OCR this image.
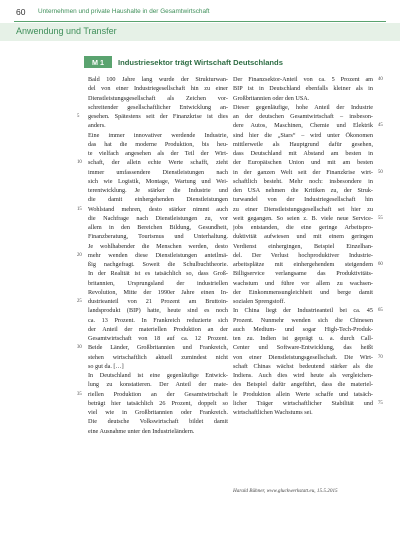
60 Unternehmen und private Haushalte in der Gesamtwirtschaft
Anwendung und Transfer
M 1	Industriesektor trägt Wirtschaft Deutschlands
Bald 100 Jahre lang wurde der Strukturwan-
del von einer Industriegesellschaft hin zu einer
Dienstleistungsgesellschaft als Zeichen vor-
schreitender gesellschaftlicher Entwicklung an-
gesehen. Spätestens seit der Finanzkrise ist dies
anders.
Eine immer innovativer werdende Industrie,
das hat die moderne Produktion, bis heu-
te vielfach angesehen als der Teil der Wirt-
schaft, der allein echte Werte schafft, zieht
immer umfassendere Dienstleistungen nach
sich wie Logistik, Montage, Wartung und Wei-
terentwicklung. Je stärker die Industrie und
die damit einhergehenden Dienstleistungen
Wohlstand mehren, desto stärker nimmt auch
die Nachfrage nach Dienstleistungen zu, vor
allem in den Bereichen Bildung, Gesundheit,
Finanzberatung, Tourismus und Unterhaltung.
Je wohlhabender die Menschen werden, desto
mehr wenden diese Dienstleistungen anteilmä-
ßig nachgefragt. Soweit die Schulbuchtheorie.
In der Realität ist es tatsächlich so, dass Groß-
britannien, Ursprungsland der industriellen
Revolution, Mitte der 1990er Jahre einen In-
dustrieanteil von 21 Prozent am Bruttoin-
landsprodukt (BIP) hatte, heute sind es noch
ca. 13 Prozent. In Frankreich reduzierte sich
der Anteil der materiellen Produktion an der
Gesamtwirtschaft von 18 auf ca. 12 Prozent.
Beide Länder, Großbritannien und Frankreich,
stehen wirtschaftlich aktuell zumindest nicht
so gut da. […]
In Deutschland ist eine gegenläufige Entwick-
lung zu konstatieren. Der Anteil der mate-
riellen Produktion an der Gesamtwirtschaft
beträgt hier tatsächlich 26 Prozent, doppelt so
viel wie in Großbritannien oder Frankreich.
Die deutsche Volkswirtschaft bildet damit
eine Ausnahme unter den Industrieländern.
Der Finanzsektor-Anteil von ca. 5 Prozent am
BIP ist in Deutschland ebenfalls kleiner als in
Großbritannien oder den USA.
Dieser gegenläufige, hohe Anteil der Industrie
an der deutschen Gesamtwirtschaft – insbeson-
dere Autos, Maschinen, Chemie und Elektrik
sind hier die „Stars“ – wird unter Ökonomen
mittlerweile als Hauptgrund dafür gesehen,
dass Deutschland mit Abstand am besten in
der Europäischen Union und mit am besten
in der ganzen Welt seit der Finanzkrise wirt-
schaftlich besteht. Mehr noch: insbesondere in
den USA nehmen die Kritiken zu, der Struk-
turwandel von der Industriegesellschaft hin
zu einer Dienstleistungsgesellschaft sei hier zu
weit gegangen. So seien z. B. viele neue Service-
jobs entstanden, die eine geringe Arbeitspro-
duktivität aufwiesen und mit einem geringen
Verdienst einhergingen, Beispiel Einzelhan-
del. Der Verlust hochproduktiver Industrie-
arbeitsplätze mit einhergehendem steigendem
Billigservice verlangsame das Produktivitäts-
wachstum und führe vor allem zu wachsen-
der Einkommensungleichheit und berge damit
sozialen Sprengstoff.
In China liegt der Industrieanteil bei ca. 45
Prozent. Nunmehr wenden sich die Chinesen
auch Medium- und sogar High-Tech-Produk-
ten zu. Indien ist geprägt u. a. durch Call-
Center und Software-Entwicklung, das heißt
von einer Dienstleistungsgesellschaft. Die Wirt-
schaft Chinas wächst bedeutend stärker als die
Indiens. Auch dies wird heute als vergleichen-
des Beispiel dafür angeführt, dass die materiel-
le Produktion allein Werte schaffe und tatsäch-
licher Träger wirtschaftlicher Stabilität und
wirtschaftlichen Wachstums sei.
Harald Bühner, www.gluckwerkstatt.eu, 15.5.2015
5
10
15
20
25
30
35
40
45
50
55
60
65
70
75
